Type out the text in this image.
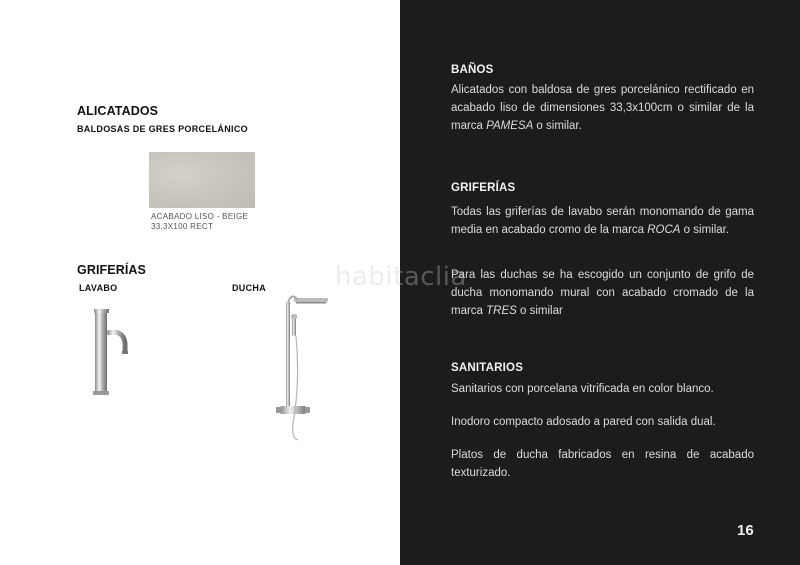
ALICATADOS
BALDOSAS DE GRES PORCELÁNICO
ACABADO LISO - BEIGE
33,3X100 RECT
GRIFERÍAS
LAVABO	DUCHA	habitaclia
BAÑOS
Alicatados con baldosa de gres porcelánico rectificado en acabado liso de dimensiones 33,3x100cm o similar de la marca PAMESA o similar.
GRIFERÍAS
Todas las griferías de lavabo serán monomando de gama media en acabado cromo de la marca ROCA o similar.
Para las duchas se ha escogido un conjunto de grifo de ducha monomando mural con acabado cromado de la marca TRES o similar
SANITARIOS
Sanitarios con porcelana vitrificada en color blanco.
Inodoro compacto adosado a pared con salida dual.
Platos de ducha fabricados en resina de acabado texturizado.
16
